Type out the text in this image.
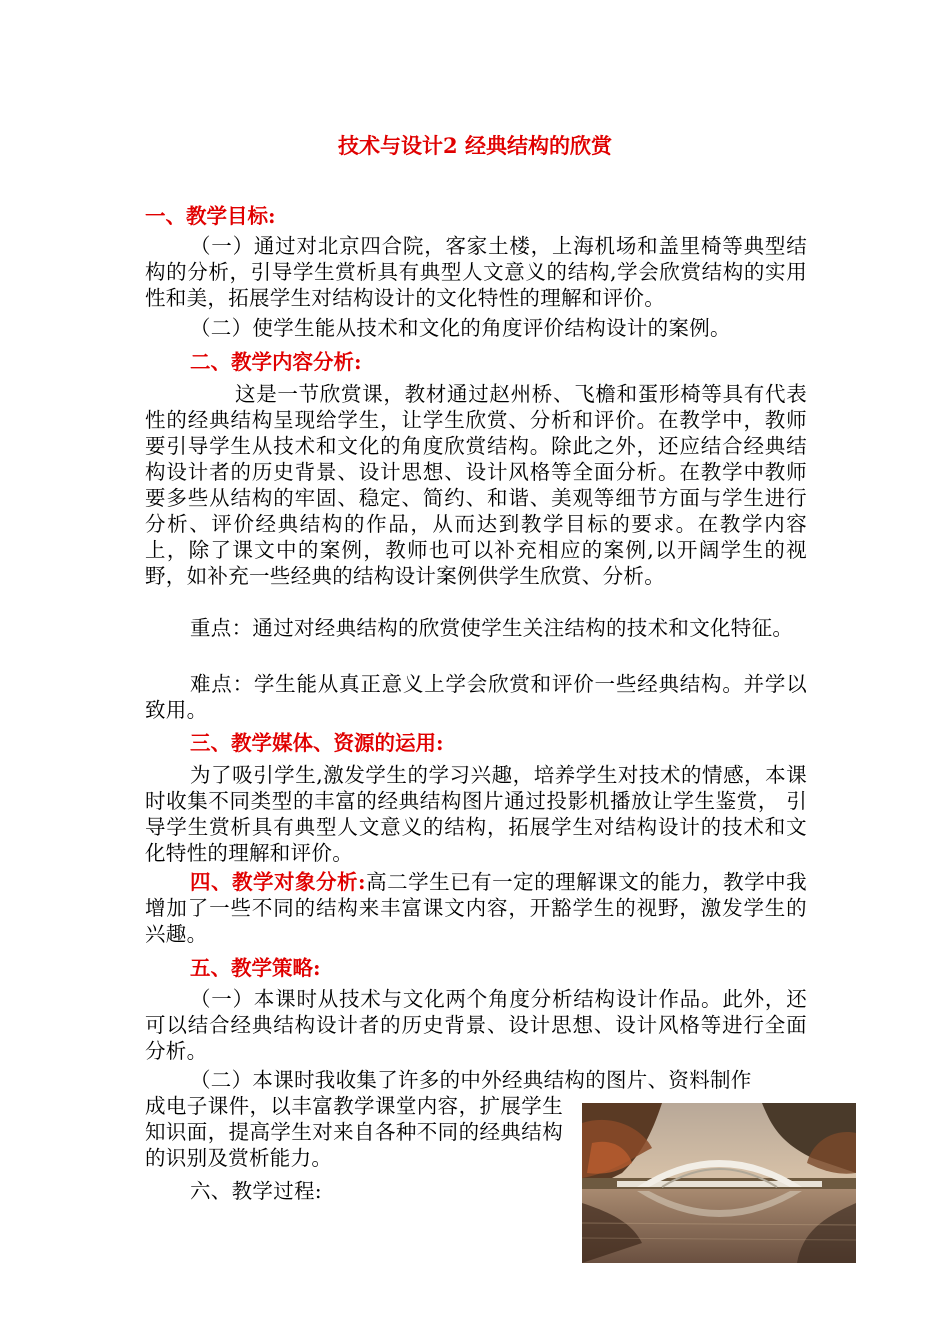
技术与设计2 经典结构的欣赏
一、教学目标:
（一）通过对北京四合院，客家土楼，上海机场和盖里椅等典型结构的分析，引导学生赏析具有典型人文意义的结构,学会欣赏结构的实用性和美，拓展学生对结构设计的文化特性的理解和评价。
（二）使学生能从技术和文化的角度评价结构设计的案例。
二、教学内容分析:
这是一节欣赏课，教材通过赵州桥、飞檐和蛋形椅等具有代表性的经典结构呈现给学生，让学生欣赏、分析和评价。在教学中，教师要引导学生从技术和文化的角度欣赏结构。除此之外，还应结合经典结构设计者的历史背景、设计思想、设计风格等全面分析。在教学中教师要多些从结构的牢固、稳定、简约、和谐、美观等细节方面与学生进行分析、评价经典结构的作品，从而达到教学目标的要求。在教学内容上，除了课文中的案例，教师也可以补充相应的案例,以开阔学生的视野，如补充一些经典的结构设计案例供学生欣赏、分析。
重点：通过对经典结构的欣赏使学生关注结构的技术和文化特征。
难点：学生能从真正意义上学会欣赏和评价一些经典结构。并学以致用。
三、教学媒体、资源的运用:
为了吸引学生,激发学生的学习兴趣，培养学生对技术的情感，本课时收集不同类型的丰富的经典结构图片通过投影机播放让学生鉴赏， 引导学生赏析具有典型人文意义的结构，拓展学生对结构设计的技术和文化特性的理解和评价。
四、教学对象分析:高二学生已有一定的理解课文的能力，教学中我增加了一些不同的结构来丰富课文内容，开豁学生的视野，激发学生的兴趣。
五、教学策略:
（一）本课时从技术与文化两个角度分析结构设计作品。此外，还可以结合经典结构设计者的历史背景、设计思想、设计风格等进行全面分析。
（二）本课时我收集了许多的中外经典结构的图片、资料制作
成电子课件，以丰富教学课堂内容，扩展学生知识面，提高学生对来自各种不同的经典结构的识别及赏析能力。
六、教学过程:
